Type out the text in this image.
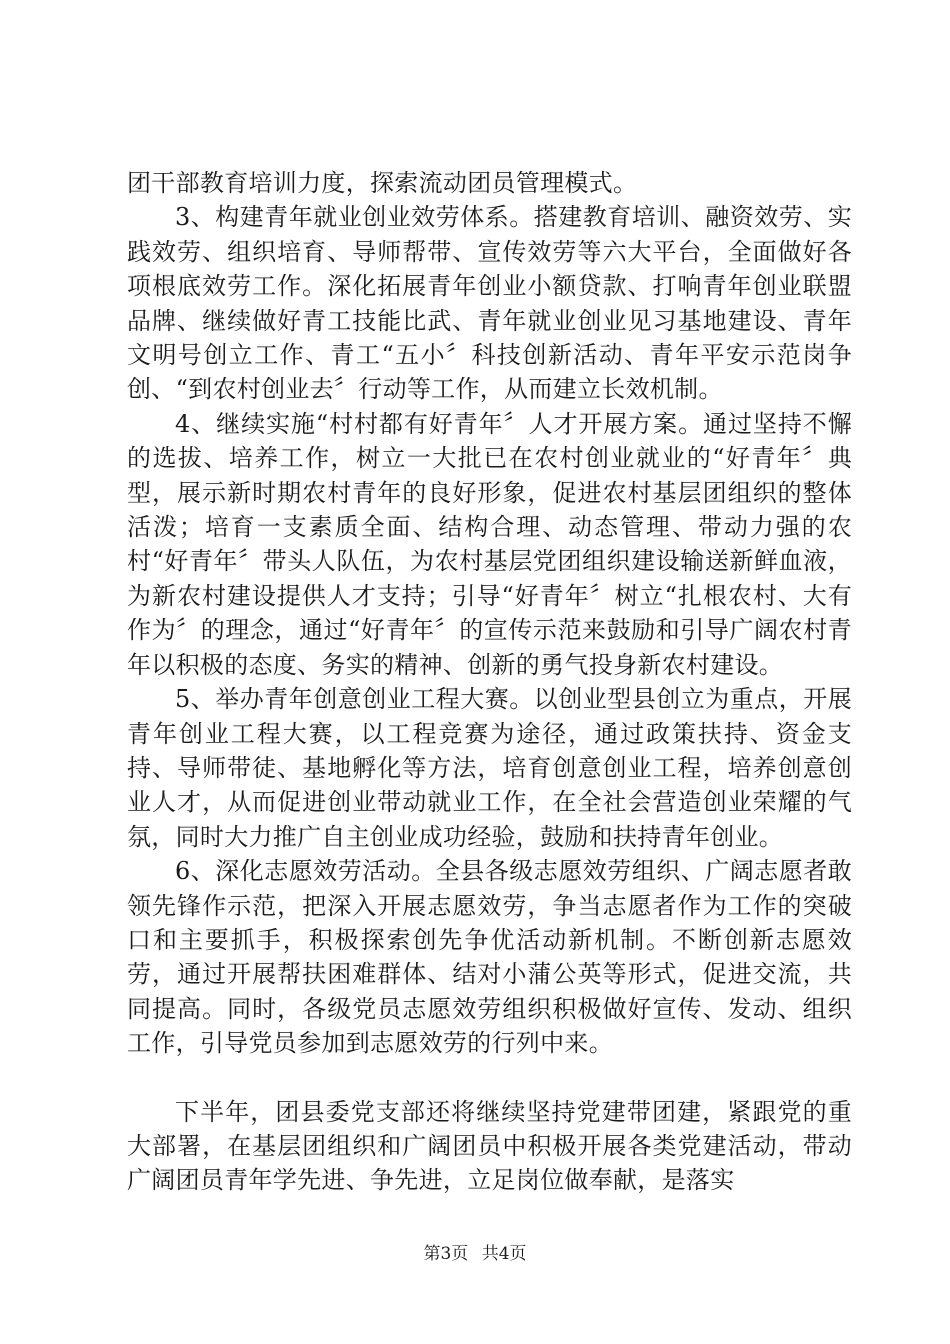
团干部教育培训力度，探索流动团员管理模式。

3、构建青年就业创业效劳体系。搭建教育培训、融资效劳、实践效劳、组织培育、导师帮带、宣传效劳等六大平台，全面做好各项根底效劳工作。深化拓展青年创业小额贷款、打响青年创业联盟品牌、继续做好青工技能比武、青年就业创业见习基地建设、青年文明号创立工作、青工“五小〞科技创新活动、青年平安示范岗争创、“到农村创业去〞行动等工作，从而建立长效机制。

4、继续实施“村村都有好青年〞人才开展方案。通过坚持不懈的选拔、培养工作，树立一大批已在农村创业就业的“好青年〞典型，展示新时期农村青年的良好形象，促进农村基层团组织的整体活泼；培育一支素质全面、结构合理、动态管理、带动力强的农村“好青年〞带头人队伍，为农村基层党团组织建设输送新鲜血液，为新农村建设提供人才支持；引导“好青年〞树立“扎根农村、大有作为〞的理念，通过“好青年〞的宣传示范来鼓励和引导广阔农村青年以积极的态度、务实的精神、创新的勇气投身新农村建设。

5、举办青年创意创业工程大赛。以创业型县创立为重点，开展青年创业工程大赛，以工程竞赛为途径，通过政策扶持、资金支持、导师带徒、基地孵化等方法，培育创意创业工程，培养创意创业人才，从而促进创业带动就业工作，在全社会营造创业荣耀的气氛，同时大力推广自主创业成功经验，鼓励和扶持青年创业。

6、深化志愿效劳活动。全县各级志愿效劳组织、广阔志愿者敢领先锋作示范，把深入开展志愿效劳，争当志愿者作为工作的突破口和主要抓手，积极探索创先争优活动新机制。不断创新志愿效劳，通过开展帮扶困难群体、结对小蒲公英等形式，促进交流，共同提高。同时，各级党员志愿效劳组织积极做好宣传、发动、组织工作，引导党员参加到志愿效劳的行列中来。

下半年，团县委党支部还将继续坚持党建带团建，紧跟党的重大部署，在基层团组织和广阔团员中积极开展各类党建活动，带动广阔团员青年学先进、争先进，立足岗位做奉献，是落实

第3页 共4页
